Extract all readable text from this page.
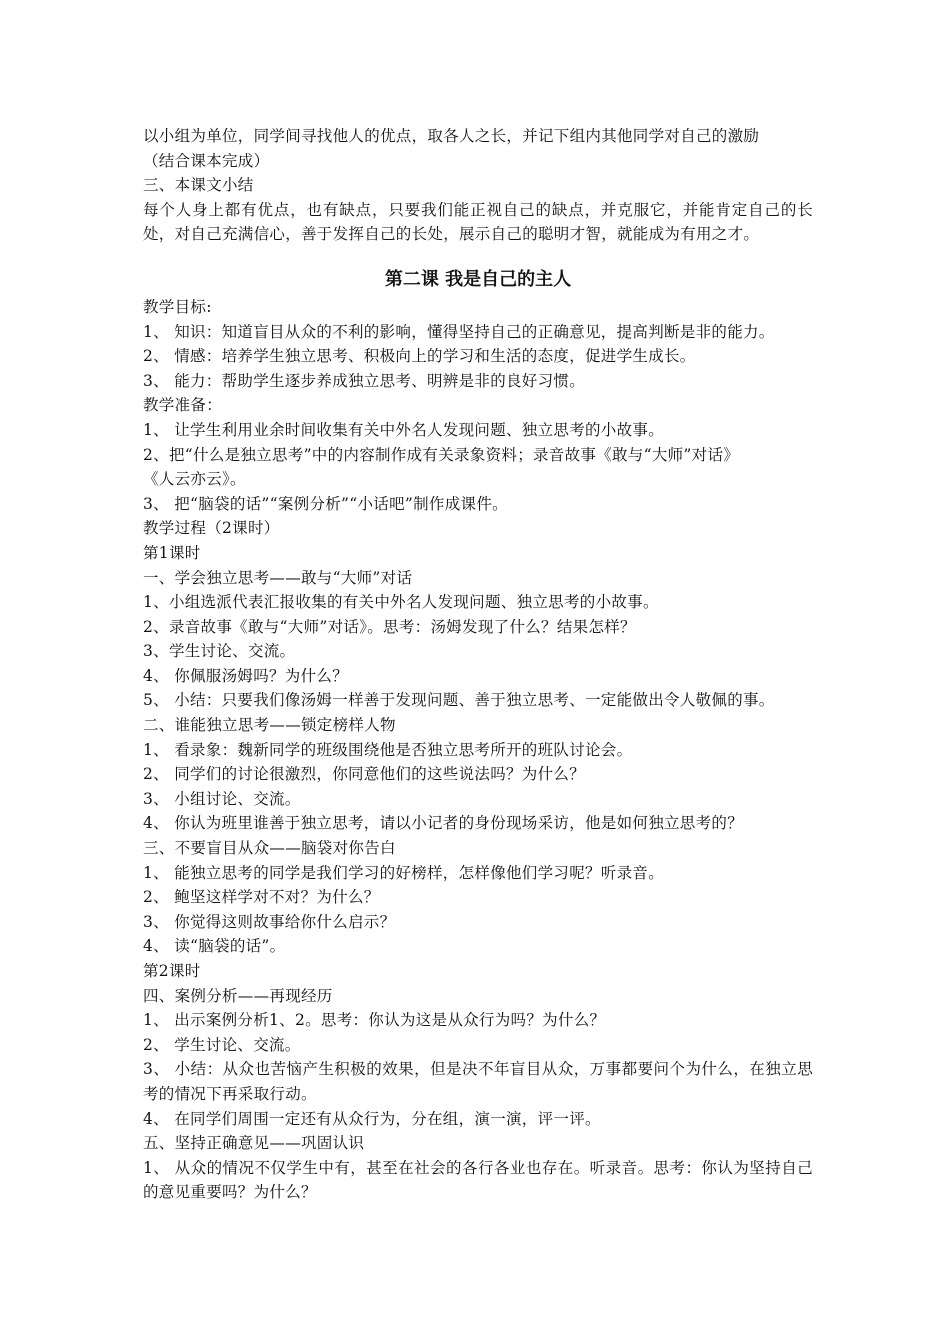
以小组为单位，同学间寻找他人的优点，取各人之长，并记下组内其他同学对自己的激励
（结合课本完成）
三、本课文小结
每个人身上都有优点，也有缺点，只要我们能正视自己的缺点，并克服它，并能肯定自己的长处，对自己充满信心，善于发挥自己的长处，展示自己的聪明才智，就能成为有用之才。
第二课 我是自己的主人
教学目标:
1、 知识：知道盲目从众的不利的影响，懂得坚持自己的正确意见，提高判断是非的能力。
2、 情感：培养学生独立思考、积极向上的学习和生活的态度，促进学生成长。
3、 能力：帮助学生逐步养成独立思考、明辨是非的良好习惯。
教学准备：
1、 让学生利用业余时间收集有关中外名人发现问题、独立思考的小故事。
2、把“什么是独立思考”中的内容制作成有关录象资料；录音故事《敢与“大师”对话》
《人云亦云》。
3、 把“脑袋的话”“案例分析”“小话吧”制作成课件。
教学过程（2课时）
第1课时
一、学会独立思考——敢与“大师”对话
1、小组选派代表汇报收集的有关中外名人发现问题、独立思考的小故事。
2、录音故事《敢与“大师”对话》。思考：汤姆发现了什么？结果怎样？
3、学生讨论、交流。
4、 你佩服汤姆吗？为什么？
5、 小结：只要我们像汤姆一样善于发现问题、善于独立思考、一定能做出令人敬佩的事。
二、谁能独立思考——锁定榜样人物
1、 看录象：魏新同学的班级围绕他是否独立思考所开的班队讨论会。
2、 同学们的讨论很激烈，你同意他们的这些说法吗？为什么？
3、 小组讨论、交流。
4、 你认为班里谁善于独立思考，请以小记者的身份现场采访，他是如何独立思考的？
三、不要盲目从众——脑袋对你告白
1、 能独立思考的同学是我们学习的好榜样，怎样像他们学习呢？听录音。
2、 鲍坚这样学对不对？为什么？
3、 你觉得这则故事给你什么启示？
4、 读“脑袋的话”。
第2课时
四、案例分析——再现经历
1、 出示案例分析1、2。思考：你认为这是从众行为吗？为什么？
2、 学生讨论、交流。
3、 小结：从众也苦恼产生积极的效果，但是决不年盲目从众，万事都要问个为什么，在独立思考的情况下再采取行动。
4、 在同学们周围一定还有从众行为，分在组，演一演，评一评。
五、坚持正确意见——巩固认识
1、 从众的情况不仅学生中有，甚至在社会的各行各业也存在。听录音。思考：你认为坚持自己的意见重要吗？为什么？
